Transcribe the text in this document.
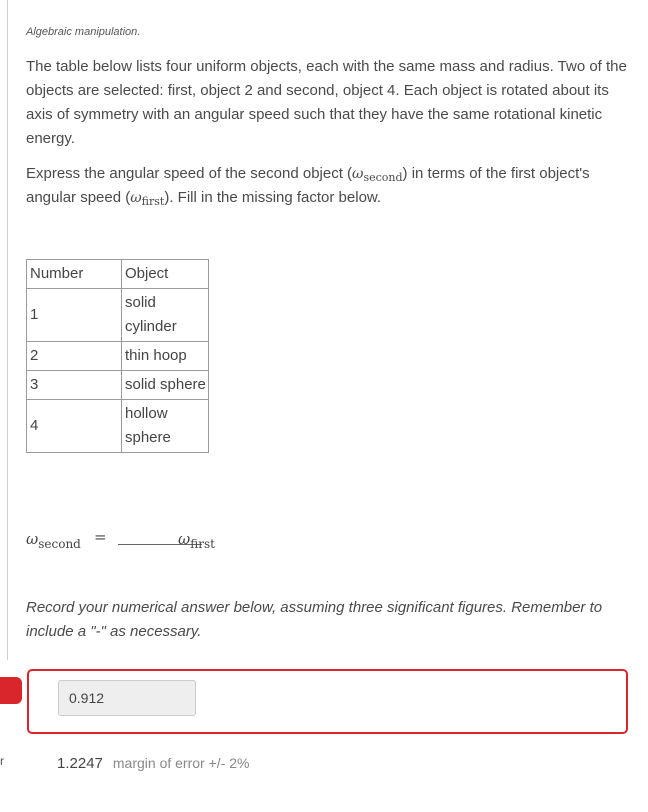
r
Algebraic manipulation.
The table below lists four uniform objects, each with the same mass and radius. Two of the objects are selected: first, object 2 and second, object 4. Each object is rotated about its axis of symmetry with an angular speed such that they have the same rotational kinetic energy.
Express the angular speed of the second object $(\omega_{second})$ in terms of the first object's angular speed $(\omega_{first})$. Fill in the missing factor below.
Number	Object
1	solid cylinder
2	thin hoop
3	solid sphere
4	hollow sphere
$\omega_{second}$ =	$\omega_{first}$
Record your numerical answer below, assuming three significant figures. Remember to include a "-" as necessary.
0.912
1.2247 margin of error +/- 2%
